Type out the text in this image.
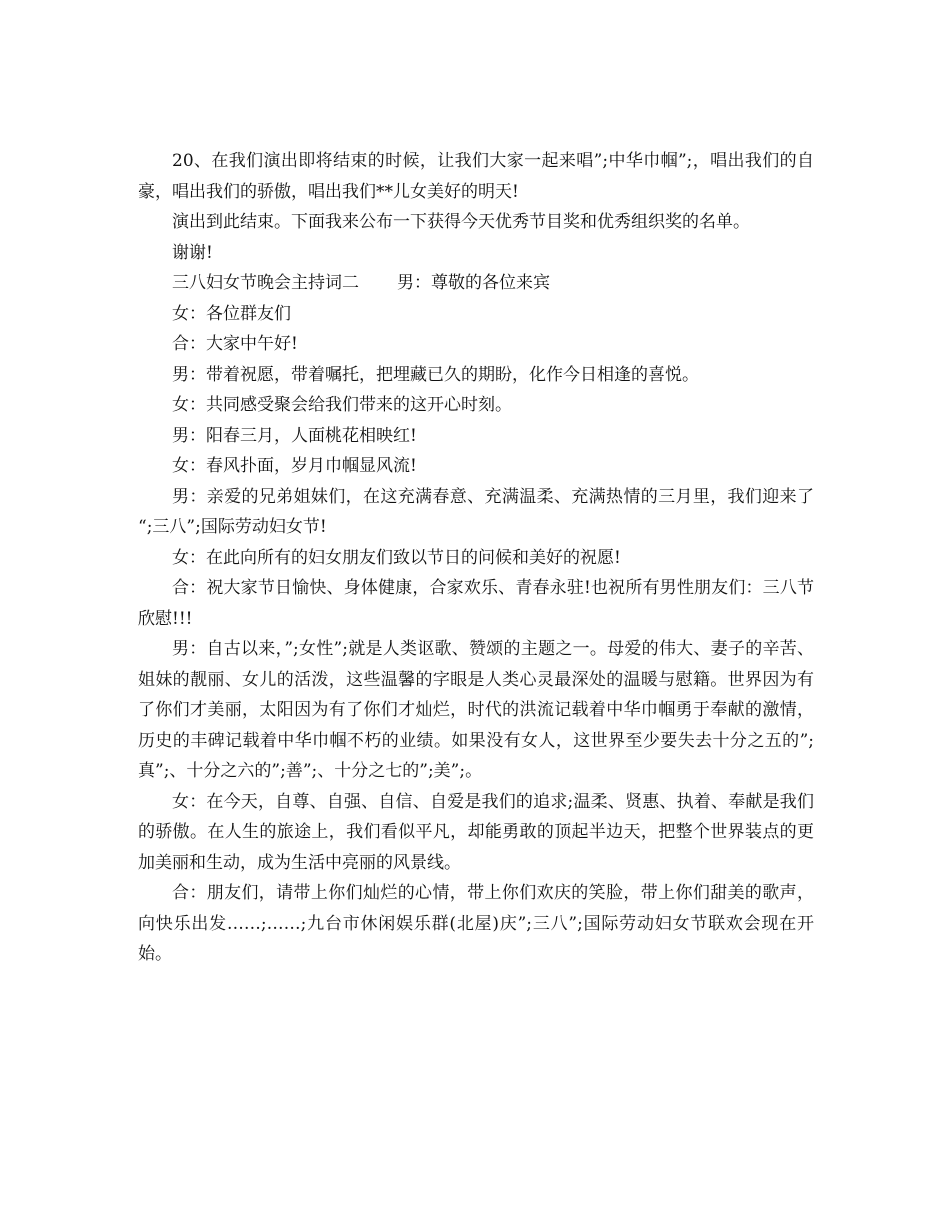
20、在我们演出即将结束的时候，让我们大家一起来唱”;中华巾帼”;，唱出我们的自豪，唱出我们的骄傲，唱出我们**儿女美好的明天!

演出到此结束。下面我来公布一下获得今天优秀节目奖和优秀组织奖的名单。

谢谢!

三八妇女节晚会主持词二 男：尊敬的各位来宾

女：各位群友们

合：大家中午好!

男：带着祝愿，带着嘱托，把埋藏已久的期盼，化作今日相逢的喜悦。

女：共同感受聚会给我们带来的这开心时刻。

男：阳春三月，人面桃花相映红!

女：春风扑面，岁月巾帼显风流!

男：亲爱的兄弟姐妹们，在这充满春意、充满温柔、充满热情的三月里，我们迎来了 “;三八”;国际劳动妇女节!

女：在此向所有的妇女朋友们致以节日的问候和美好的祝愿!

合：祝大家节日愉快、身体健康，合家欢乐、青春永驻!也祝所有男性朋友们：三八节欣慰!!!

男：自古以来，”;女性”;就是人类讴歌、赞颂的主题之一。母爱的伟大、妻子的辛苦、姐妹的靓丽、女儿的活泼，这些温馨的字眼是人类心灵最深处的温暖与慰籍。世界因为有了你们才美丽，太阳因为有了你们才灿烂，时代的洪流记载着中华巾帼勇于奉献的激情，历史的丰碑记载着中华巾帼不朽的业绩。如果没有女人，这世界至少要失去十分之五的”;真”;、十分之六的”;善”;、十分之七的”;美”;。

女：在今天，自尊、自强、自信、自爱是我们的追求;温柔、贤惠、执着、奉献是我们的骄傲。在人生的旅途上，我们看似平凡，却能勇敢的顶起半边天，把整个世界装点的更加美丽和生动，成为生活中亮丽的风景线。

合：朋友们，请带上你们灿烂的心情，带上你们欢庆的笑脸，带上你们甜美的歌声，向快乐出发……;……;九台市休闲娱乐群(北屋)庆”;三八”;国际劳动妇女节联欢会现在开始。
